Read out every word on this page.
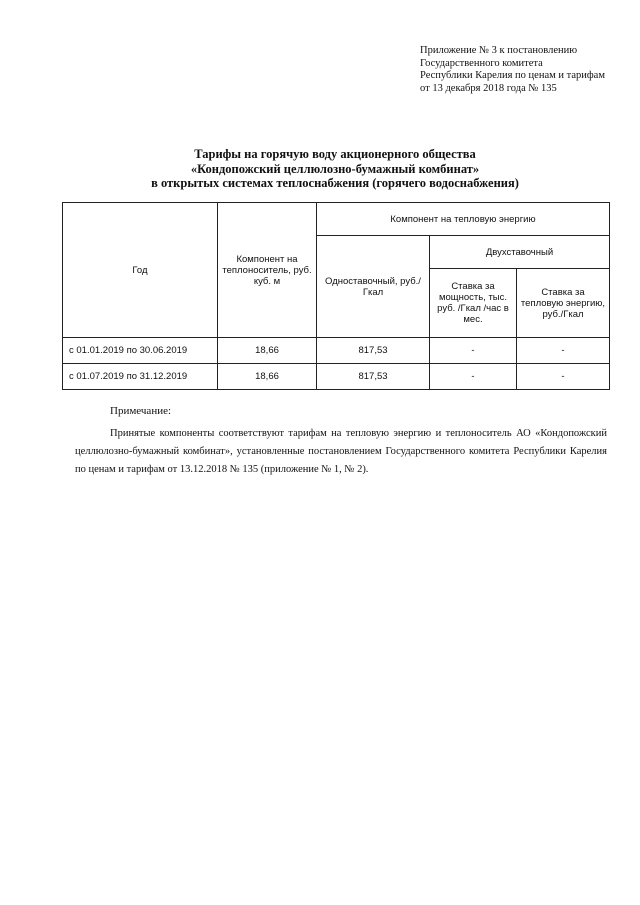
Приложение № 3 к постановлению
Государственного комитета
Республики Карелия по ценам и тарифам
от 13 декабря 2018 года № 135
Тарифы на горячую воду акционерного общества
«Кондопожский целлюлозно-бумажный комбинат»
в открытых системах теплоснабжения (горячего водоснабжения)
Год	Компонент на теплоноситель, руб. куб. м	Компонент на тепловую энергию		
		Одноставочный, руб./Гкал	Двухставочный	
			Ставка за мощность, тыс. руб. /Гкал /час в мес.	Ставка за тепловую энергию, руб./Гкал
с 01.01.2019 по 30.06.2019	18,66	817,53	-	-
с 01.07.2019 по 31.12.2019	18,66	817,53	-	-
Примечание:
Принятые компоненты соответствуют тарифам на тепловую энергию и теплоноситель АО «Кондопожский целлюлозно-бумажный комбинат», установленные постановлением Государственного комитета Республики Карелия по ценам и тарифам от 13.12.2018 № 135 (приложение № 1, № 2).
